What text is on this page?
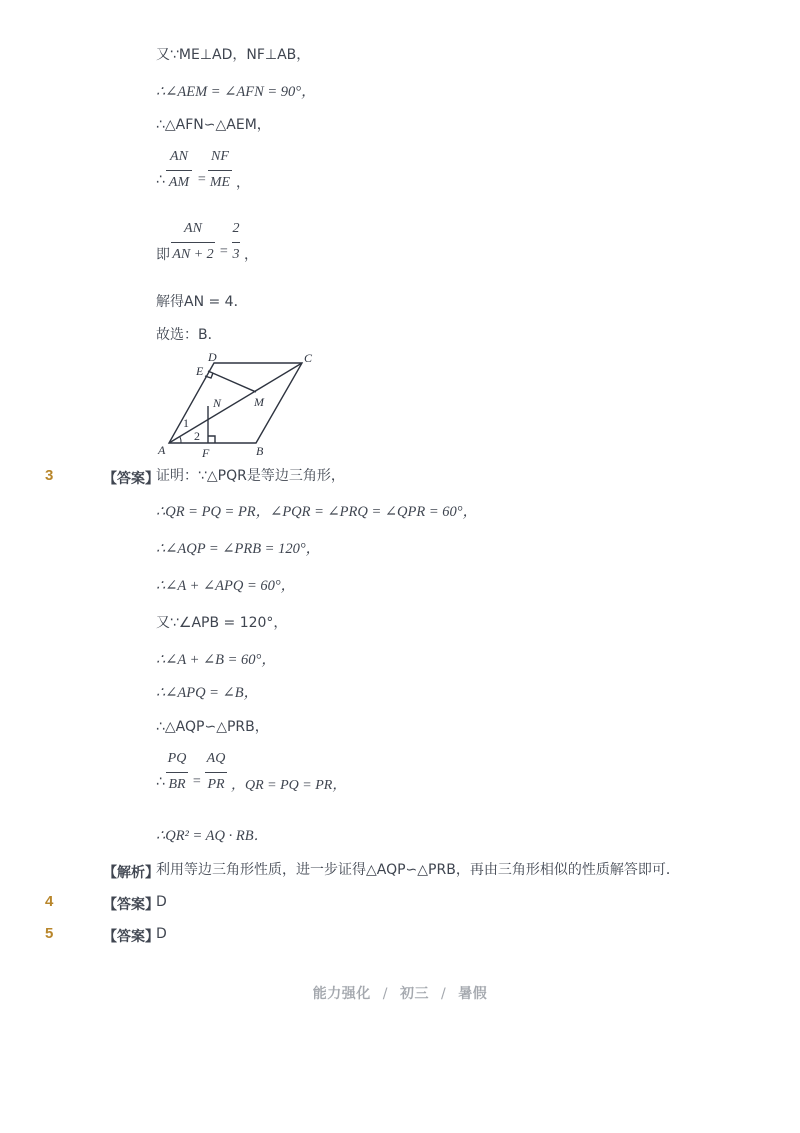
又∵ME⊥AD，NF⊥AB，
∴∠AEM = ∠AFN = 90°，
∴△AFN∽△AEM，
∴
AN
AM =
NF
ME ，
即
AN
AN + 2 =
2
3 ，
解得AN = 4．
故选：B．
A	B
C
D
E
F
M
N
1
2
3	【答案】
证明：∵△PQR是等边三角形，
∴QR = PQ = PR，∠PQR = ∠PRQ = ∠QPR = 60°，
∴∠AQP = ∠PRB = 120°，
∴∠A + ∠APQ = 60°，
又∵∠APB = 120°，
∴∠A + ∠B = 60°，
∴∠APQ = ∠B，
∴△AQP∽△PRB，
∴
PQ
BR =
AQ
PR ，QR = PQ = PR，
∴QR² = AQ · RB．
【解析】
利用等边三角形性质，进一步证得△AQP∽△PRB，再由三角形相似的性质解答即可．
4	【答案】
D
5	【答案】
D
能力强化 / 初三 / 暑假
